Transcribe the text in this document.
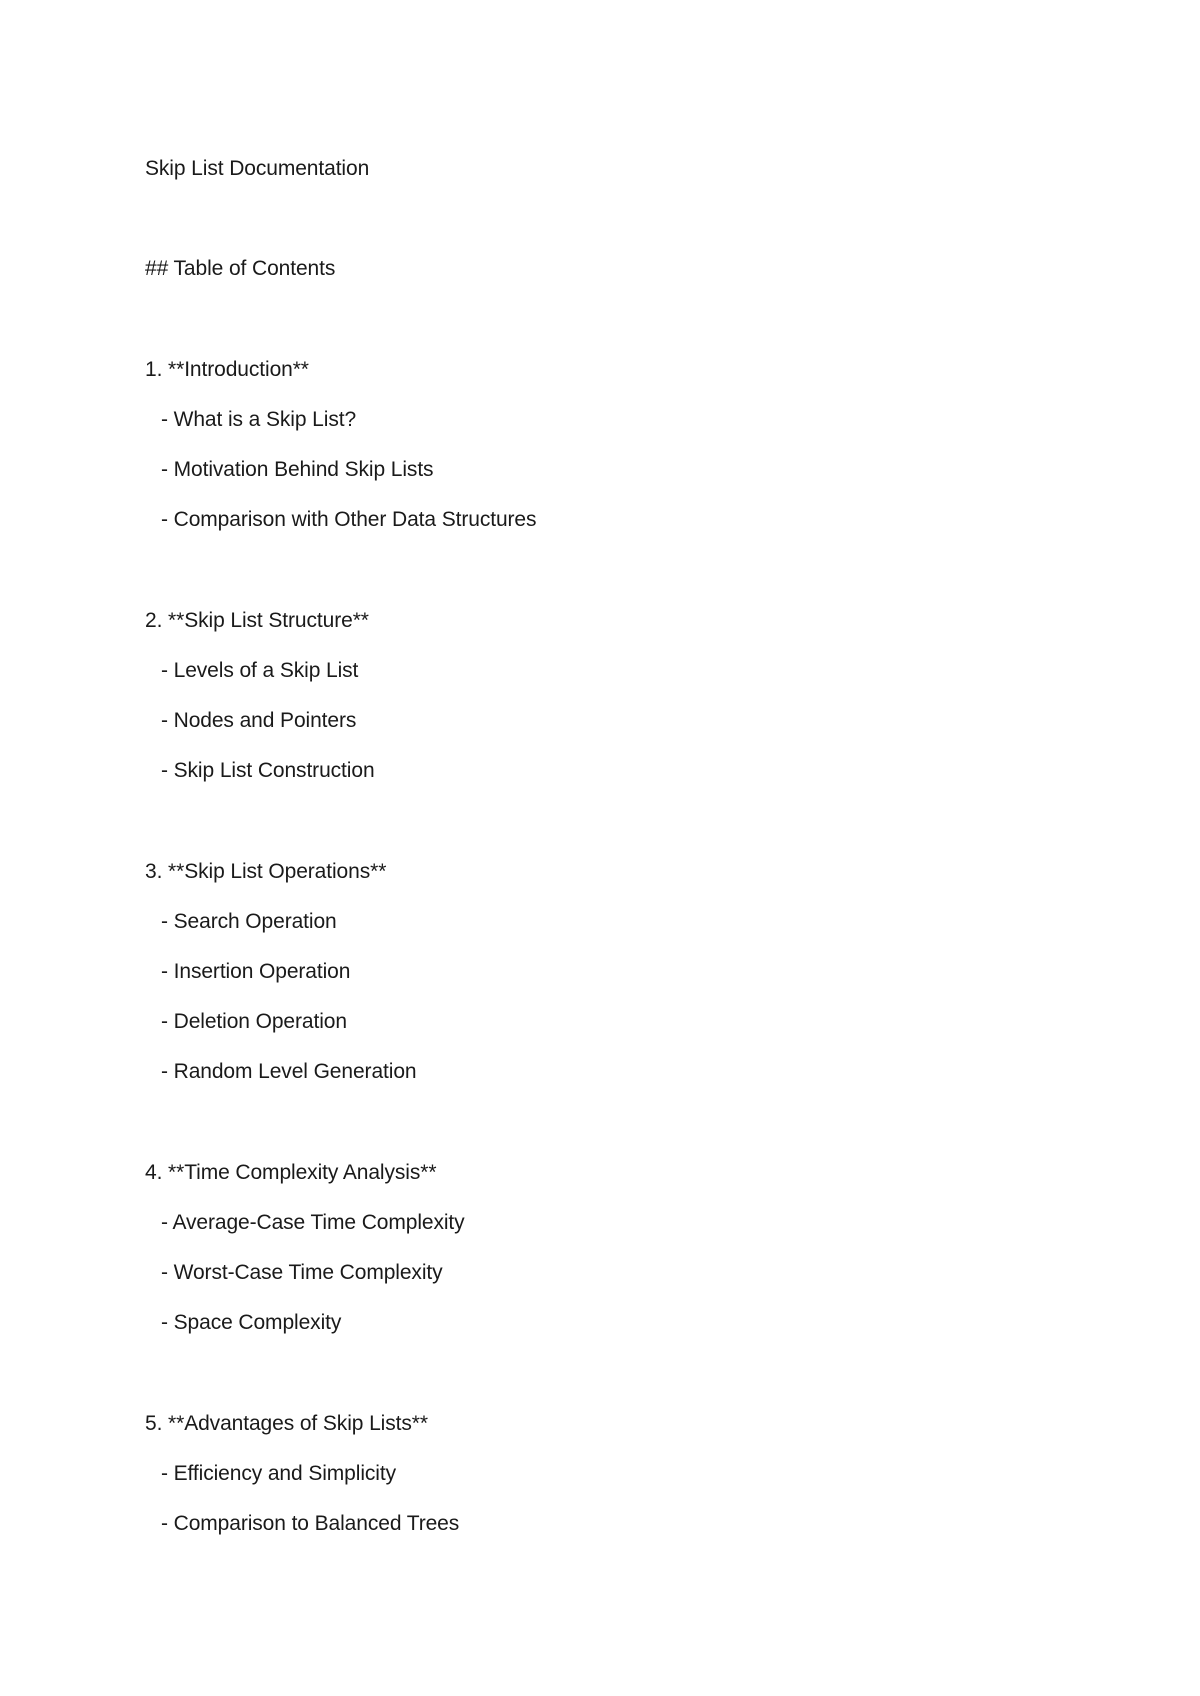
Skip List Documentation
## Table of Contents
1. **Introduction**
- What is a Skip List?
- Motivation Behind Skip Lists
- Comparison with Other Data Structures
2. **Skip List Structure**
- Levels of a Skip List
- Nodes and Pointers
- Skip List Construction
3. **Skip List Operations**
- Search Operation
- Insertion Operation
- Deletion Operation
- Random Level Generation
4. **Time Complexity Analysis**
- Average-Case Time Complexity
- Worst-Case Time Complexity
- Space Complexity
5. **Advantages of Skip Lists**
- Efficiency and Simplicity
- Comparison to Balanced Trees
